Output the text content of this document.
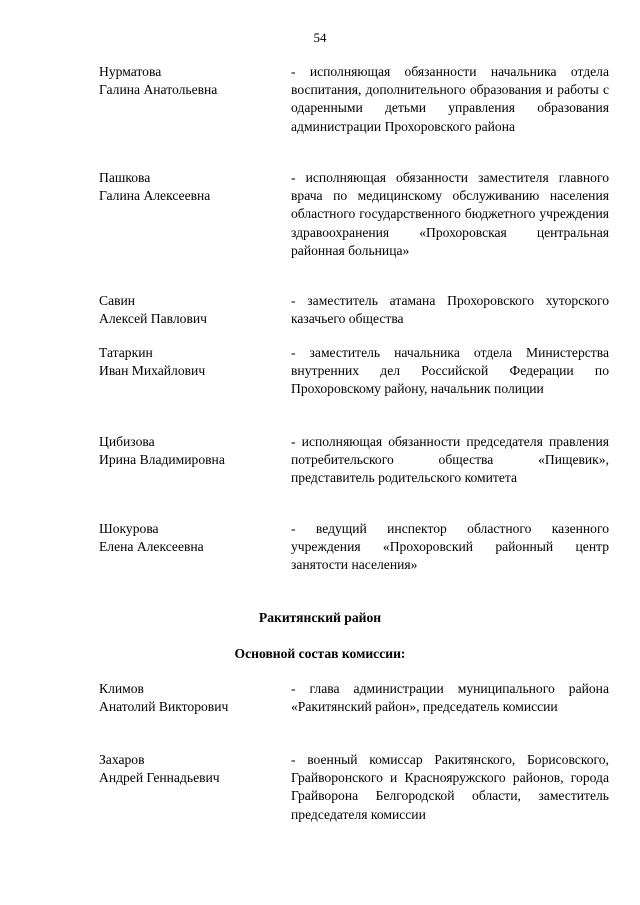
54
Нурматова
Галина Анатольевна
- исполняющая обязанности начальника отдела воспитания, дополнительного образования и работы с одаренными детьми управления образования администрации Прохоровского района
Пашкова
Галина Алексеевна
- исполняющая обязанности заместителя главного врача по медицинскому обслуживанию населения областного государственного бюджетного учреждения здравоохранения «Прохоровская центральная районная больница»
Савин
Алексей Павлович
- заместитель атамана Прохоровского хуторского казачьего общества
Татаркин
Иван Михайлович
- заместитель начальника отдела Министерства внутренних дел Российской Федерации по Прохоровскому району, начальник полиции
Цибизова
Ирина Владимировна
- исполняющая обязанности председателя правления потребительского общества «Пищевик», представитель родительского комитета
Шокурова
Елена Алексеевна
- ведущий инспектор областного казенного учреждения «Прохоровский районный центр занятости населения»
Ракитянский район
Основной состав комиссии:
Климов
Анатолий Викторович
- глава администрации муниципального района «Ракитянский район», председатель комиссии
Захаров
Андрей Геннадьевич
- военный комиссар Ракитянского, Борисовского, Грайворонского и Краснояружского районов, города Грайворона Белгородской области, заместитель председателя комиссии
